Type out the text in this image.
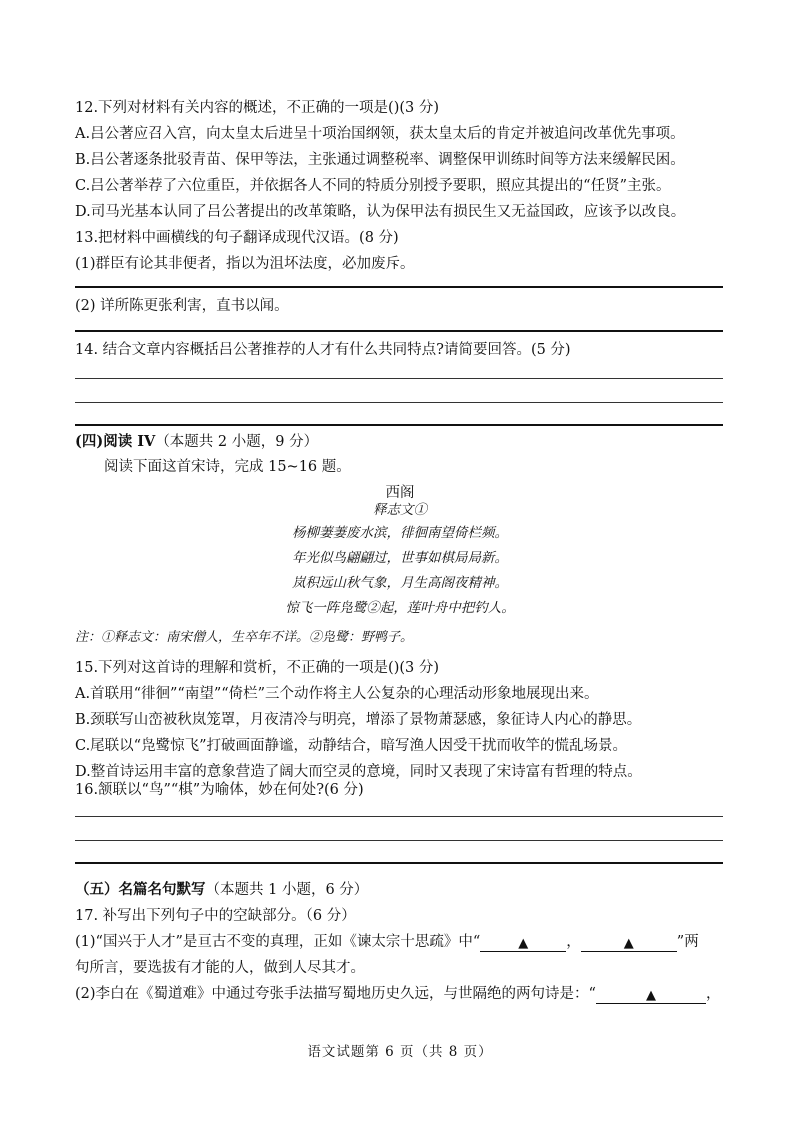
12.下列对材料有关内容的概述，不正确的一项是()(3 分)
A.吕公著应召入宫，向太皇太后进呈十项治国纲领，获太皇太后的肯定并被追问改革优先事项。
B.吕公著逐条批驳青苗、保甲等法，主张通过调整税率、调整保甲训练时间等方法来缓解民困。
C.吕公著举荐了六位重臣，并依据各人不同的特质分别授予要职，照应其提出的“任贤”主张。
D.司马光基本认同了吕公著提出的改革策略，认为保甲法有损民生又无益国政，应该予以改良。
13.把材料中画横线的句子翻译成现代汉语。(8 分)
(1)群臣有论其非便者，指以为沮坏法度，必加废斥。
(2) 详所陈更张利害，直书以闻。
14. 结合文章内容概括吕公著推荐的人才有什么共同特点?请简要回答。(5 分)
(四)阅读 IV（本题共 2 小题，9 分）
阅读下面这首宋诗，完成 15~16 题。
西阁
释志文①
杨柳萋萋废水滨，徘徊南望倚栏频。
年光似鸟翩翩过，世事如棋局局新。
岚积远山秋气象，月生高阁夜精神。
惊飞一阵凫鹭②起，莲叶舟中把钓人。
注：①释志文：南宋僧人，生卒年不详。②凫鹭：野鸭子。
15.下列对这首诗的理解和赏析，不正确的一项是()(3 分)
A.首联用“徘徊”“南望”“倚栏”三个动作将主人公复杂的心理活动形象地展现出来。
B.颈联写山峦被秋岚笼罩，月夜清冷与明亮，增添了景物萧瑟感，象征诗人内心的静思。
C.尾联以“凫鹭惊飞”打破画面静谧，动静结合，暗写渔人因受干扰而收竿的慌乱场景。
D.整首诗运用丰富的意象营造了阔大而空灵的意境，同时又表现了宋诗富有哲理的特点。
16.颔联以“鸟”“棋”为喻体，妙在何处?(6 分)
（五）名篇名句默写（本题共 1 小题，6 分）
17. 补写出下列句子中的空缺部分。（6 分）
(1)“国兴于人才”是亘古不变的真理，正如《谏太宗十思疏》中“	▲	，	▲	”两
句所言，要选拔有才能的人，做到人尽其才。
(2)李白在《蜀道难》中通过夸张手法描写蜀地历史久远，与世隔绝的两句诗是：“	▲	，
语文试题第 6 页（共 8 页）
